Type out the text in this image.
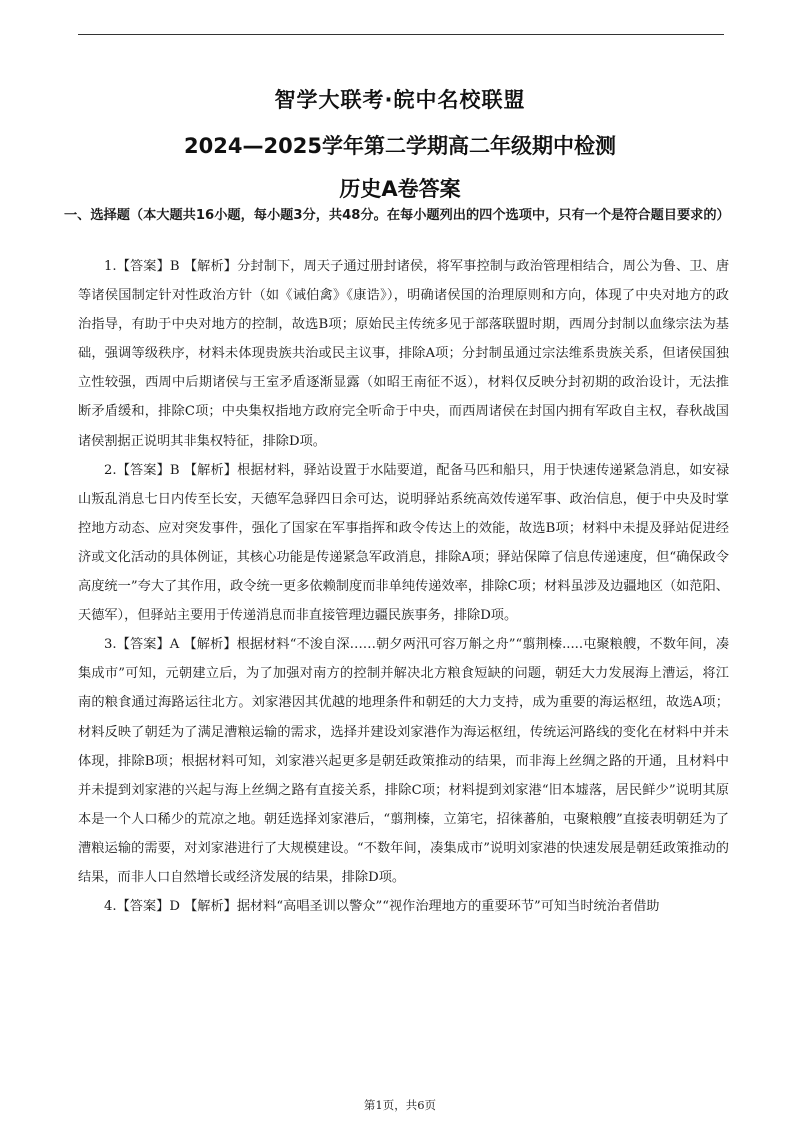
智学大联考·皖中名校联盟
2024—2025学年第二学期高二年级期中检测
历史A卷答案
一、选择题（本大题共16小题，每小题3分，共48分。在每小题列出的四个选项中，只有一个是符合题目要求的）

1.【答案】B 【解析】分封制下，周天子通过册封诸侯，将军事控制与政治管理相结合，周公为鲁、卫、唐等诸侯国制定针对性政治方针（如《诫伯禽》《康诰》），明确诸侯国的治理原则和方向，体现了中央对地方的政治指导，有助于中央对地方的控制，故选B项；原始民主传统多见于部落联盟时期，西周分封制以血缘宗法为基础，强调等级秩序，材料未体现贵族共治或民主议事，排除A项；分封制虽通过宗法维系贵族关系，但诸侯国独立性较强，西周中后期诸侯与王室矛盾逐渐显露（如昭王南征不返），材料仅反映分封初期的政治设计，无法推断矛盾缓和，排除C项；中央集权指地方政府完全听命于中央，而西周诸侯在封国内拥有军政自主权，春秋战国诸侯割据正说明其非集权特征，排除D项。

2.【答案】B 【解析】根据材料，驿站设置于水陆要道，配备马匹和船只，用于快速传递紧急消息，如安禄山叛乱消息七日内传至长安，天德军急驿四日余可达，说明驿站系统高效传递军事、政治信息，便于中央及时掌控地方动态、应对突发事件，强化了国家在军事指挥和政令传达上的效能，故选B项；材料中未提及驿站促进经济或文化活动的具体例证，其核心功能是传递紧急军政消息，排除A项；驿站保障了信息传递速度，但“确保政令高度统一”夸大了其作用，政令统一更多依赖制度而非单纯传递效率，排除C项；材料虽涉及边疆地区（如范阳、天德军），但驿站主要用于传递消息而非直接管理边疆民族事务，排除D项。

3.【答案】A 【解析】根据材料“不浚自深……朝夕两汛可容万斛之舟”“翦荆榛.....屯聚粮艘，不数年间，凑集成市”可知，元朝建立后，为了加强对南方的控制并解决北方粮食短缺的问题，朝廷大力发展海上漕运，将江南的粮食通过海路运往北方。刘家港因其优越的地理条件和朝廷的大力支持，成为重要的海运枢纽，故选A项；材料反映了朝廷为了满足漕粮运输的需求，选择并建设刘家港作为海运枢纽，传统运河路线的变化在材料中并未体现，排除B项；根据材料可知，刘家港兴起更多是朝廷政策推动的结果，而非海上丝绸之路的开通，且材料中并未提到刘家港的兴起与海上丝绸之路有直接关系，排除C项；材料提到刘家港“旧本墟落，居民鲜少”说明其原本是一个人口稀少的荒凉之地。朝廷选择刘家港后，“翦荆榛，立第宅，招徕蕃舶，屯聚粮艘”直接表明朝廷为了漕粮运输的需要，对刘家港进行了大规模建设。“不数年间，凑集成市”说明刘家港的快速发展是朝廷政策推动的结果，而非人口自然增长或经济发展的结果，排除D项。

4.【答案】D 【解析】据材料“高唱圣训以警众”“视作治理地方的重要环节”可知当时统治者借助

第1页，共6页
